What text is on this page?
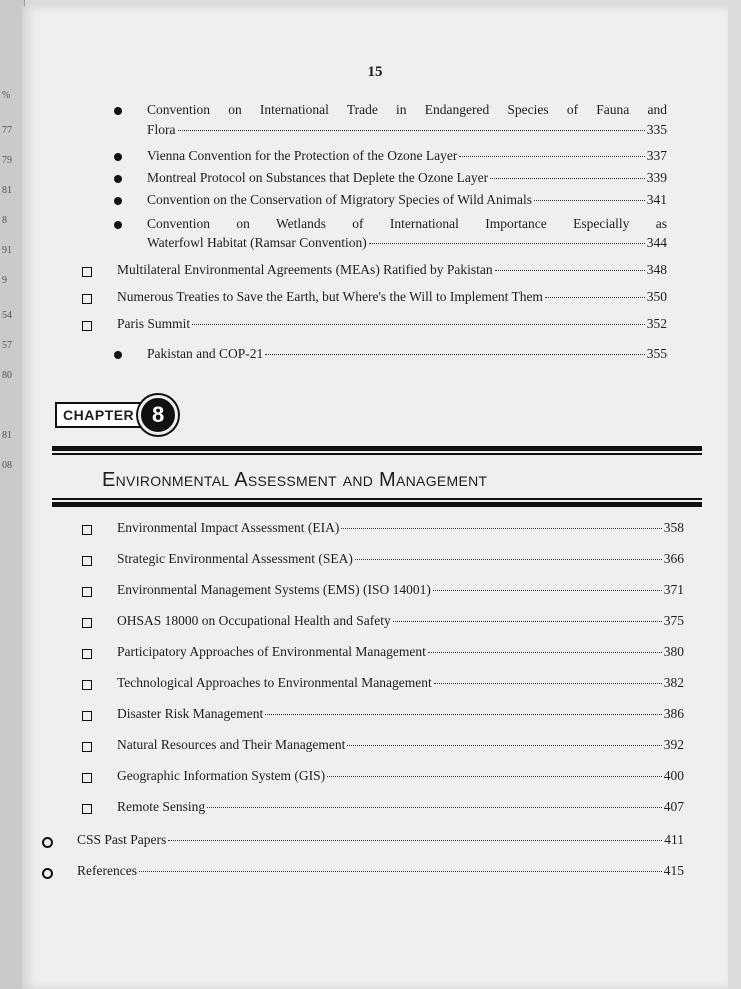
%
77
79
81
8
91
9
54
57
80
81
08
15
CHAPTER 8
Environmental Assessment and Management
Convention on International Trade in Endangered Species of Fauna and
Flora	335
Vienna Convention for the Protection of the Ozone Layer	337
Montreal Protocol on Substances that Deplete the Ozone Layer	339
Convention on the Conservation of Migratory Species of Wild Animals	341
Convention on Wetlands of International Importance Especially as
Waterfowl Habitat (Ramsar Convention)	344
Multilateral Environmental Agreements (MEAs) Ratified by Pakistan	348
Numerous Treaties to Save the Earth, but Where's the Will to Implement Them	350
Paris Summit	352
Pakistan and COP-21	355
Environmental Impact Assessment (EIA)	358
Strategic Environmental Assessment (SEA)	366
Environmental Management Systems (EMS) (ISO 14001)	371
OHSAS 18000 on Occupational Health and Safety	375
Participatory Approaches of Environmental Management	380
Technological Approaches to Environmental Management	382
Disaster Risk Management	386
Natural Resources and Their Management	392
Geographic Information System (GIS)	400
Remote Sensing	407
CSS Past Papers	411
References	415
